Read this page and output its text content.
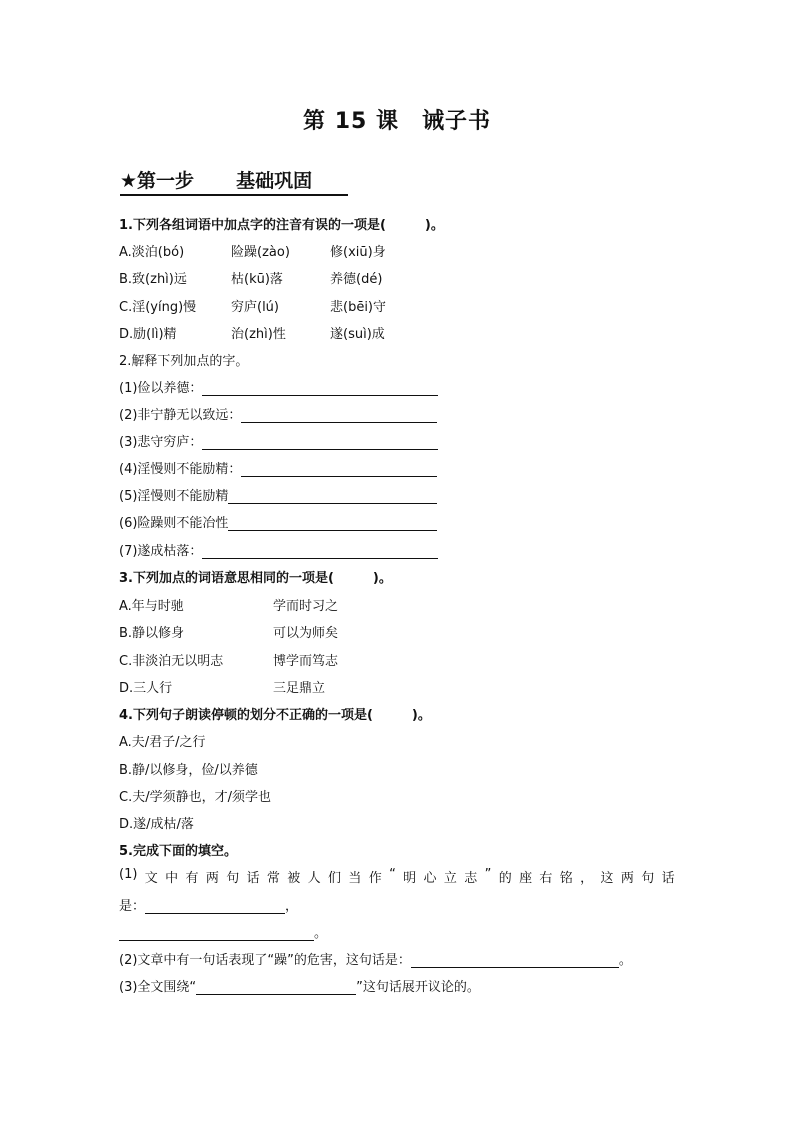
第 15 课　诫子书
★第一步 基础巩固
1.下列各组词语中加点字的注音有误的一项是(　　　)。
A.淡泊(bó)	险躁(zào)	修(xiū)身
B.致(zhì)远	枯(kū)落	养德(dé)
C.淫(yíng)慢	穷庐(lú)	悲(bēi)守
D.励(lì)精	治(zhì)性	遂(suì)成
2.解释下列加点的字。
(1)俭以养德：
(2)非宁静无以致远：
(3)悲守穷庐：
(4)淫慢则不能励精：
(5)淫慢则不能励精
(6)险躁则不能冶性
(7)遂成枯落：
3.下列加点的词语意思相同的一项是(　　　)。
A.年与时驰	学而时习之
B.静以修身	可以为师矣
C.非淡泊无以明志	博学而笃志
D.三人行	三足鼎立
4.下列句子朗读停顿的划分不正确的一项是(　　　)。
A.夫/君子/之行
B.静/以修身，俭/以养德
C.夫/学须静也，才/须学也
D.遂/成枯/落
5.完成下面的填空。
(1) 文 中 有 两 句 话 常 被 人 们 当 作 “ 明 心 立 志 ” 的 座 右 铭 ， 这 两 句 话
是：	，
。
(2)文章中有一句话表现了“躁”的危害，这句话是：	。
(3)全文围绕“	”这句话展开议论的。
